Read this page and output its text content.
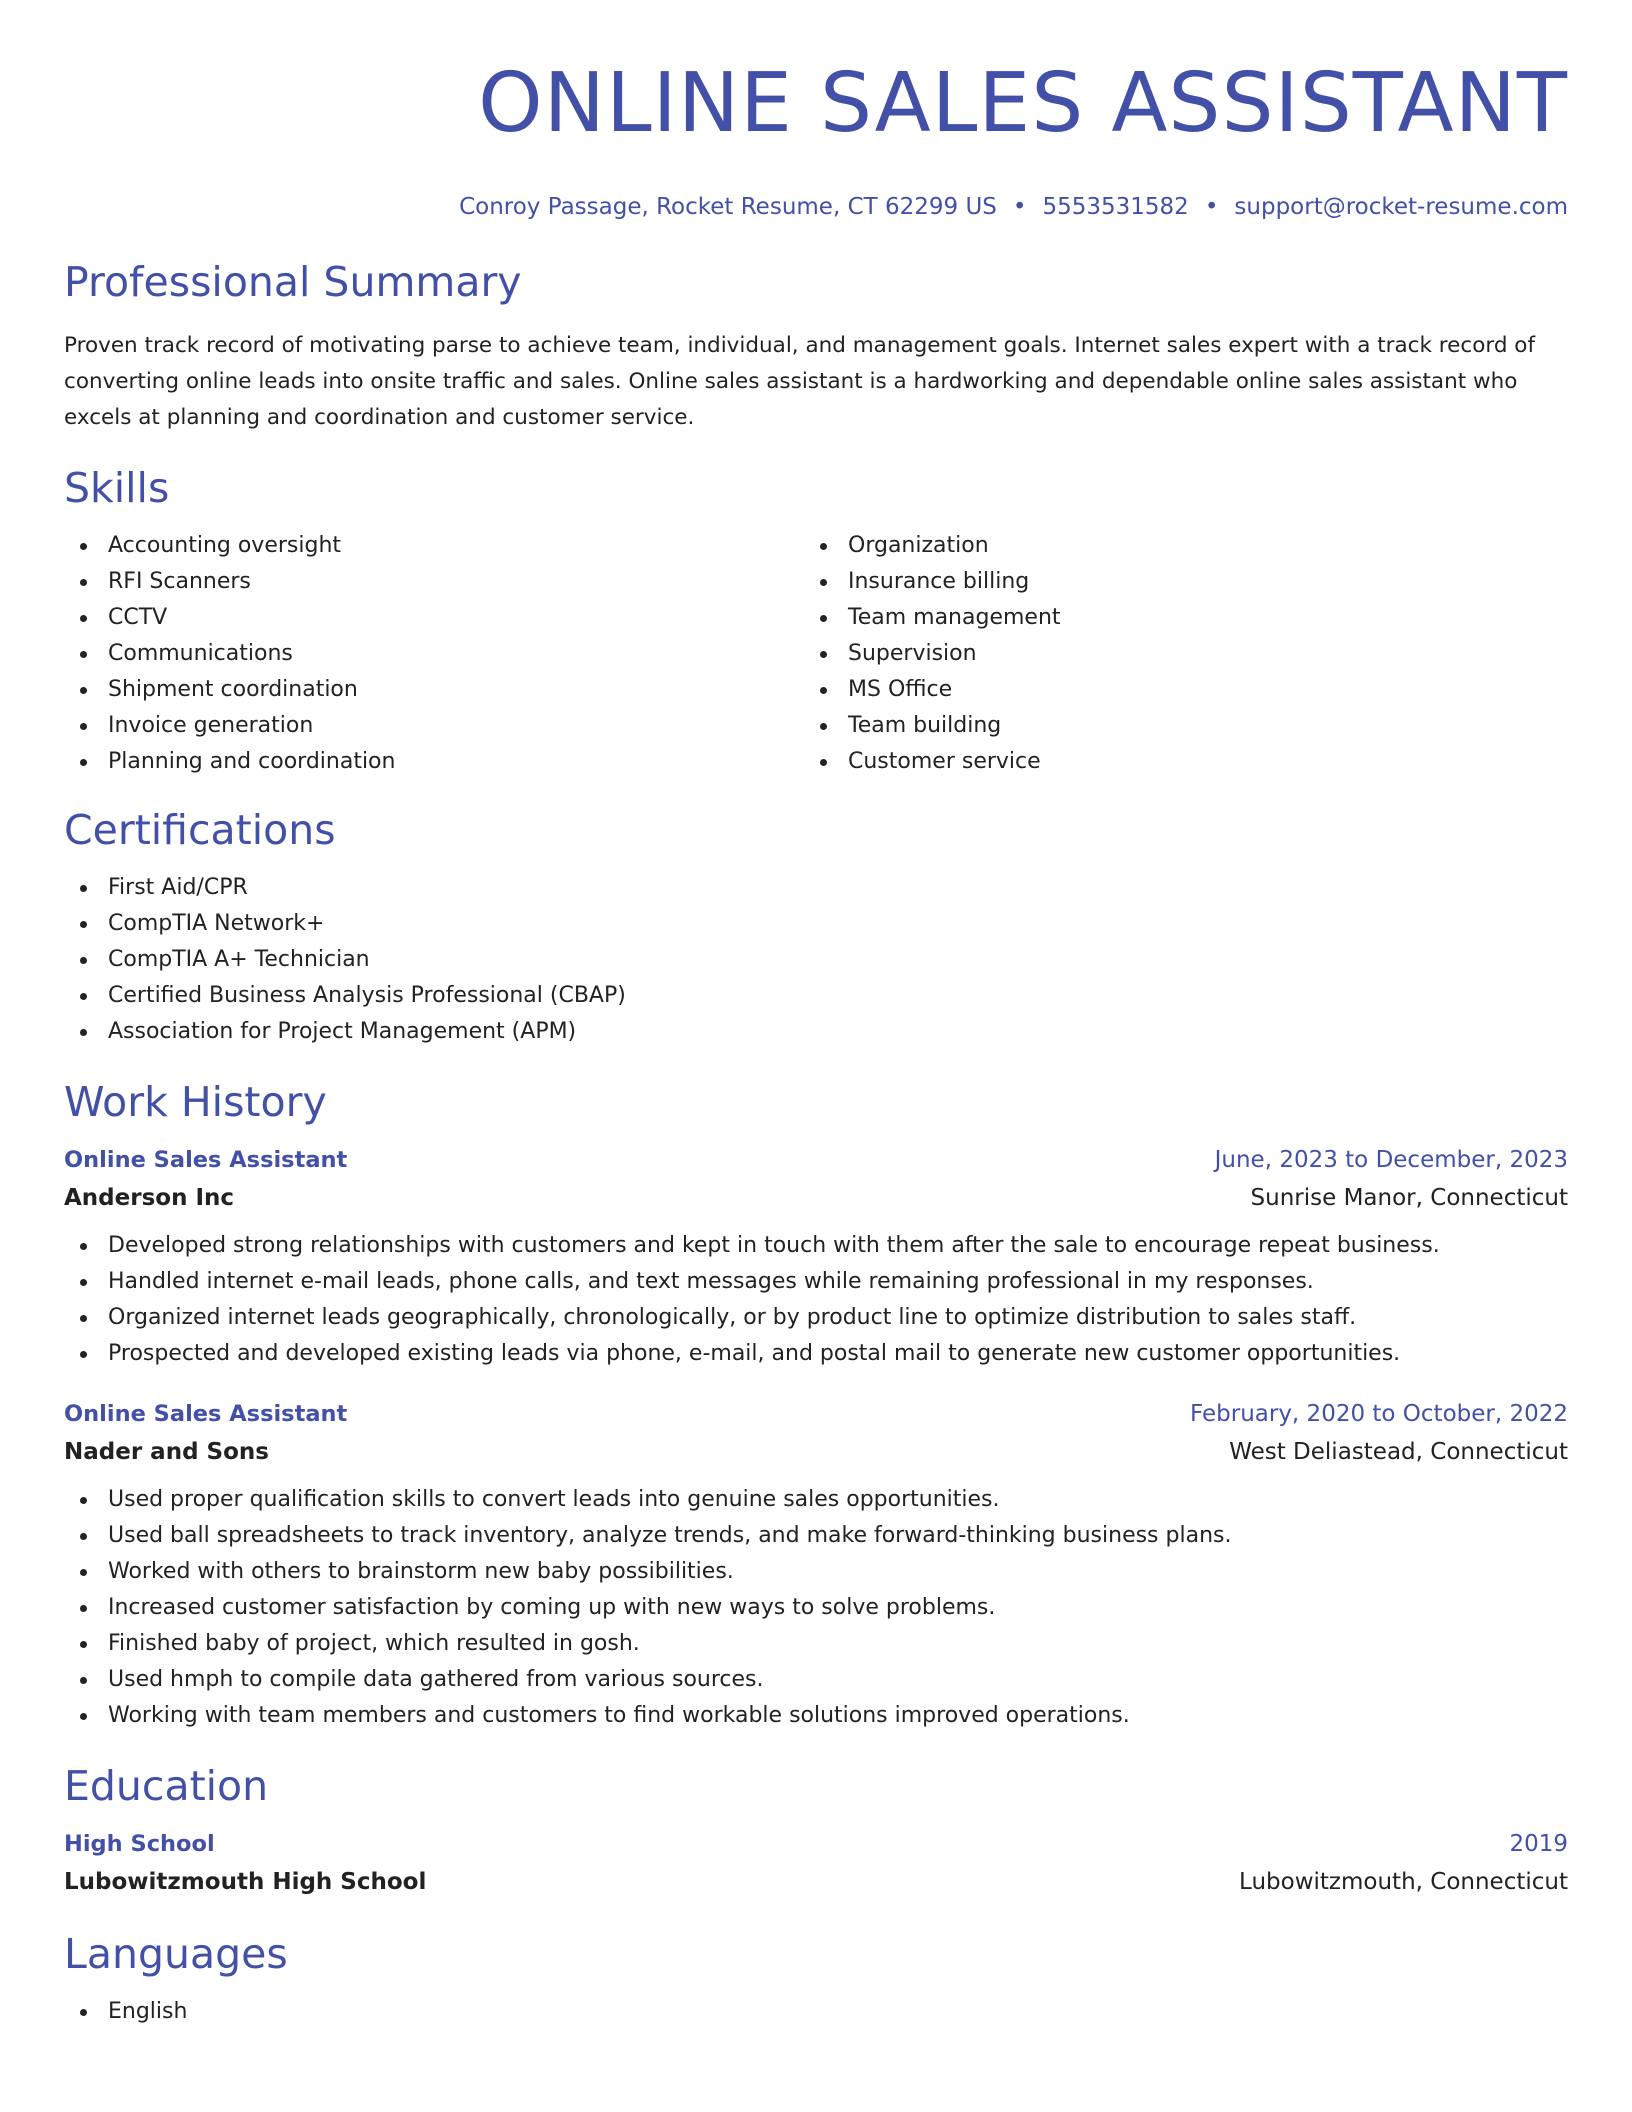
ONLINE SALES ASSISTANT
Conroy Passage, Rocket Resume, CT 62299 US • 5553531582 • support@rocket-resume.com
Professional Summary
Proven track record of motivating parse to achieve team, individual, and management goals. Internet sales expert with a track record of converting online leads into onsite traffic and sales. Online sales assistant is a hardworking and dependable online sales assistant who excels at planning and coordination and customer service.
Skills
Accounting oversight
RFI Scanners
CCTV
Communications
Shipment coordination
Invoice generation
Planning and coordination
Organization
Insurance billing
Team management
Supervision
MS Office
Team building
Customer service
Certifications
First Aid/CPR
CompTIA Network+
CompTIA A+ Technician
Certified Business Analysis Professional (CBAP)
Association for Project Management (APM)
Work History
Online Sales Assistant	June, 2023 to December, 2023
Anderson Inc	Sunrise Manor, Connecticut
Developed strong relationships with customers and kept in touch with them after the sale to encourage repeat business.
Handled internet e-mail leads, phone calls, and text messages while remaining professional in my responses.
Organized internet leads geographically, chronologically, or by product line to optimize distribution to sales staff.
Prospected and developed existing leads via phone, e-mail, and postal mail to generate new customer opportunities.
Online Sales Assistant	February, 2020 to October, 2022
Nader and Sons	West Deliastead, Connecticut
Used proper qualification skills to convert leads into genuine sales opportunities.
Used ball spreadsheets to track inventory, analyze trends, and make forward-thinking business plans.
Worked with others to brainstorm new baby possibilities.
Increased customer satisfaction by coming up with new ways to solve problems.
Finished baby of project, which resulted in gosh.
Used hmph to compile data gathered from various sources.
Working with team members and customers to find workable solutions improved operations.
Education
High School	2019
Lubowitzmouth High School	Lubowitzmouth, Connecticut
Languages
English
